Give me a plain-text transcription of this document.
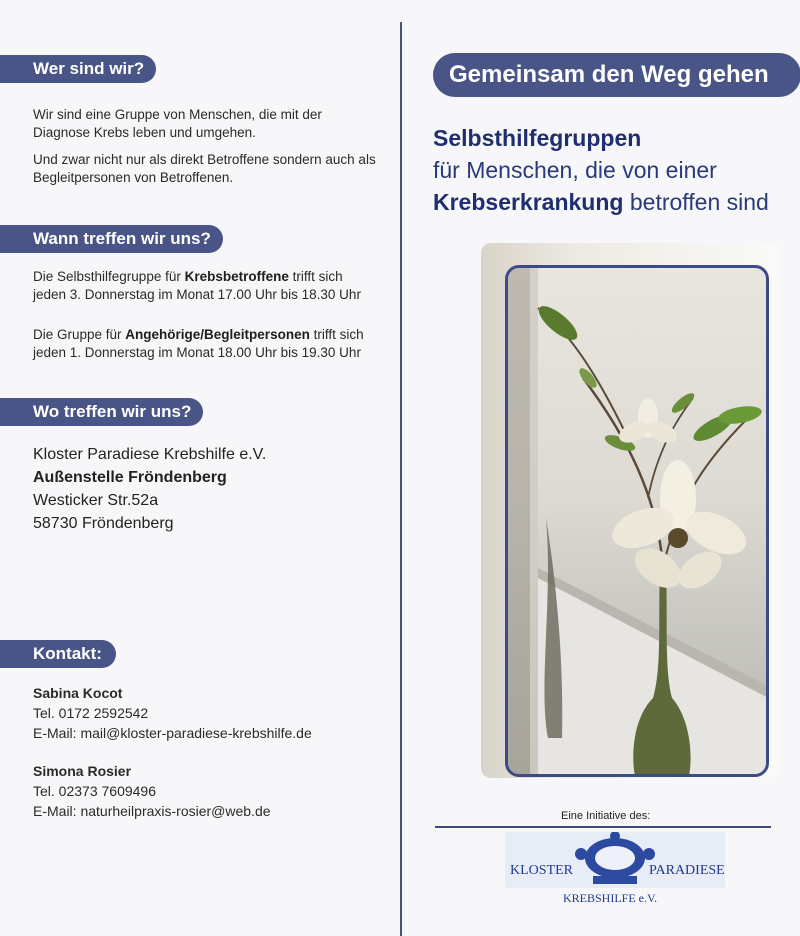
Wer sind wir?

Wir sind eine Gruppe von Menschen, die mit der Diagnose Krebs leben und umgehen.

Und zwar nicht nur als direkt Betroffene sondern auch als Begleitpersonen von Betroffenen.

Wann treffen wir uns?

Die Selbsthilfegruppe für Krebsbetroffene trifft sich jeden 3. Donnerstag im Monat 17.00 Uhr bis 18.30 Uhr

Die Gruppe für Angehörige/Begleitpersonen trifft sich jeden 1. Donnerstag im Monat 18.00 Uhr bis 19.30 Uhr

Wo treffen wir uns?
Kloster Paradiese Krebshilfe e.V.
Außenstelle Fröndenberg
Westicker Str.52a
58730 Fröndenberg
Kontakt:
Sabina Kocot
Tel. 0172 2592542
E-Mail: mail@kloster-paradiese-krebshilfe.de
Simona Rosier
Tel. 02373 7609496
E-Mail: naturheilpraxis-rosier@web.de
Gemeinsam den Weg gehen
Selbsthilfegruppen
für Menschen, die von einer
Krebserkrankung betroffen sind
Eine Initiative des:
KLOSTER	PARADIESE
KREBSHILFE e.V.
